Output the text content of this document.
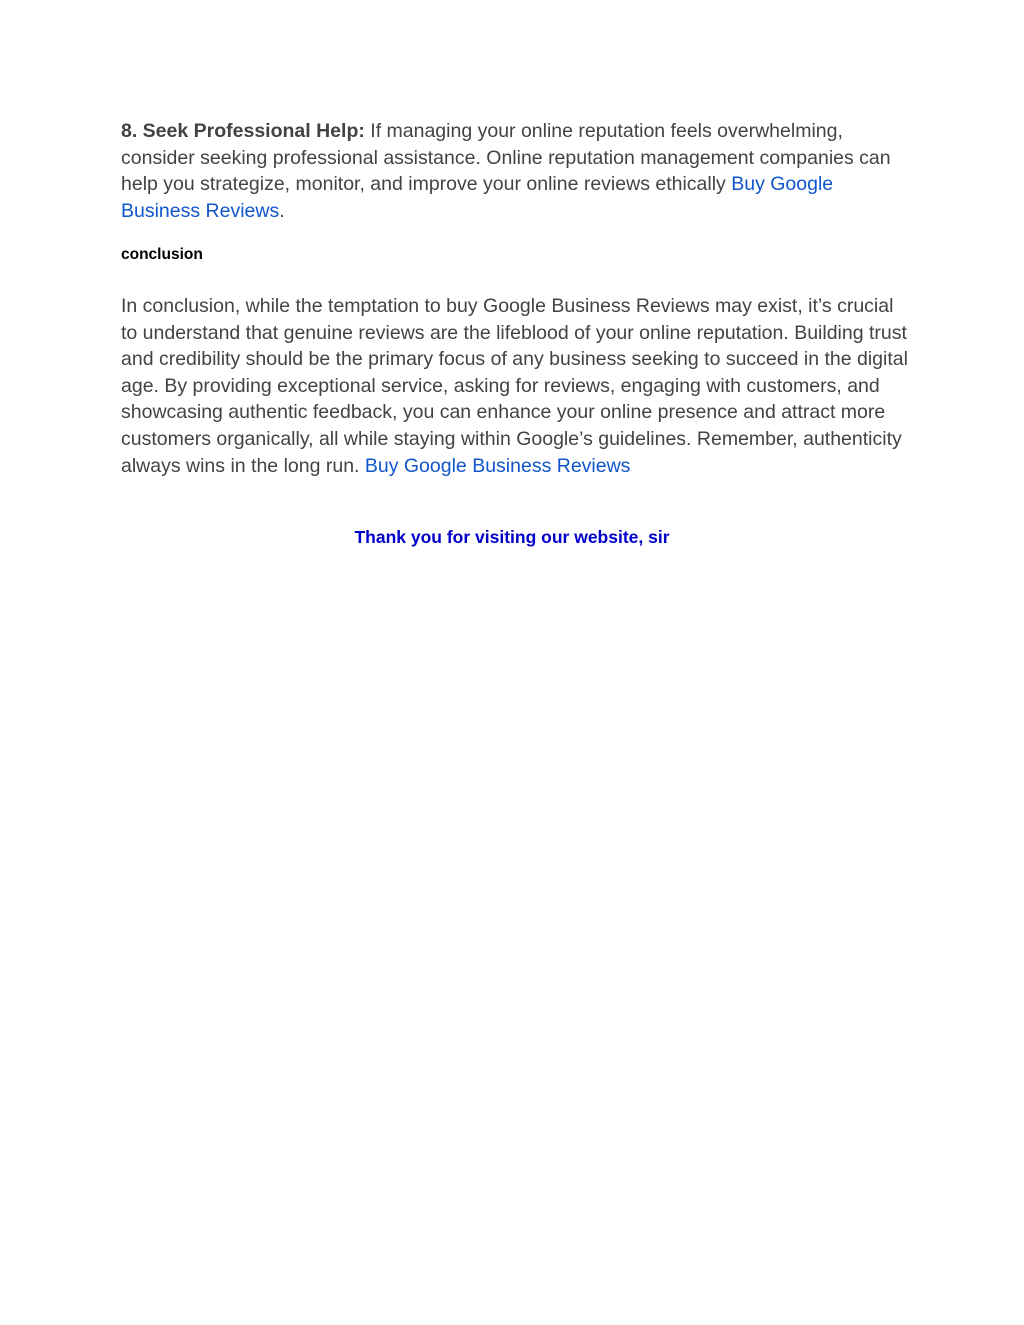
8. Seek Professional Help: If managing your online reputation feels overwhelming, consider seeking professional assistance. Online reputation management companies can help you strategize, monitor, and improve your online reviews ethically Buy Google Business Reviews.

conclusion

In conclusion, while the temptation to buy Google Business Reviews may exist, it’s crucial to understand that genuine reviews are the lifeblood of your online reputation. Building trust and credibility should be the primary focus of any business seeking to succeed in the digital age. By providing exceptional service, asking for reviews, engaging with customers, and showcasing authentic feedback, you can enhance your online presence and attract more customers organically, all while staying within Google’s guidelines. Remember, authenticity always wins in the long run. Buy Google Business Reviews

Thank you for visiting our website, sir
